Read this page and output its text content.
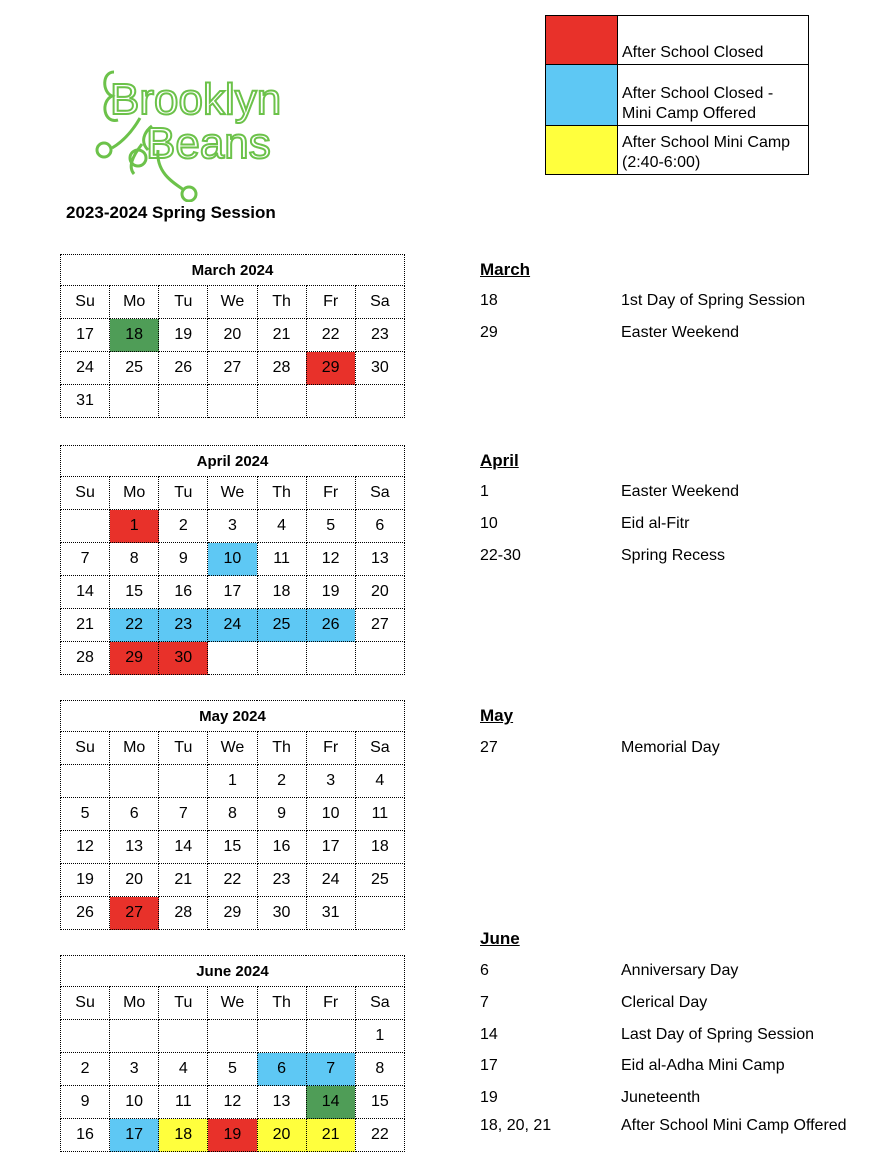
Brooklyn
Beans
2023-2024 Spring Session
After School Closed
After School Closed - Mini Camp Offered
After School Mini Camp (2:40-6:00)
March 2024						
Su	Mo	Tu	We	Th	Fr	Sa
17	18	19	20	21	22	23
24	25	26	27	28	29	30
31						
April 2024						
Su	Mo	Tu	We	Th	Fr	Sa
	1	2	3	4	5	6
7	8	9	10	11	12	13
14	15	16	17	18	19	20
21	22	23	24	25	26	27
28	29	30				
May 2024						
Su	Mo	Tu	We	Th	Fr	Sa
			1	2	3	4
5	6	7	8	9	10	11
12	13	14	15	16	17	18
19	20	21	22	23	24	25
26	27	28	29	30	31	
June 2024						
Su	Mo	Tu	We	Th	Fr	Sa
						1
2	3	4	5	6	7	8
9	10	11	12	13	14	15
16	17	18	19	20	21	22
March
18	1st Day of Spring Session
29	Easter Weekend
April
1	Easter Weekend
10	Eid al-Fitr
22-30	Spring Recess
May
27	Memorial Day
June
6	Anniversary Day
7	Clerical Day
14	Last Day of Spring Session
17	Eid al-Adha Mini Camp
19	Juneteenth
18, 20, 21	After School Mini Camp Offered
